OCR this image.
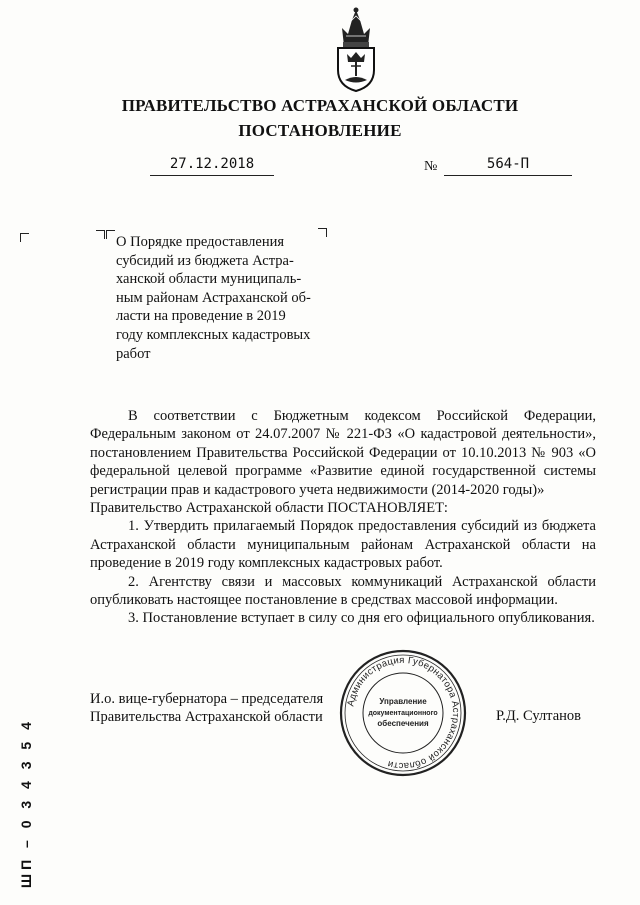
ПРАВИТЕЛЬСТВО АСТРАХАНСКОЙ ОБЛАСТИ
ПОСТАНОВЛЕНИЕ
27.12.2018	№	564-П
О Порядке предоставления
субсидий из бюджета Астра-
ханской области муниципаль-
ным районам Астраханской об-
ласти на проведение в 2019
году комплексных кадастровых
работ

В соответствии с Бюджетным кодексом Российской Федерации, Федеральным законом от 24.07.2007 № 221-ФЗ «О кадастровой деятельности», постановлением Правительства Российской Федерации от 10.10.2013 № 903 «О федеральной целевой программе «Развитие единой государственной системы регистрации прав и кадастрового учета недвижимости (2014-2020 годы)»

Правительство Астраханской области ПОСТАНОВЛЯЕТ:

1. Утвердить прилагаемый Порядок предоставления субсидий из бюджета Астраханской области муниципальным районам Астраханской области на проведение в 2019 году комплексных кадастровых работ.

2. Агентству связи и массовых коммуникаций Астраханской области опубликовать настоящее постановление в средствах массовой информации.

3. Постановление вступает в силу со дня его официального опубликования.

Администрация Губернатора Астраханской области
Управление
документационного
обеспечения
И.о. вице-губернатора – председателя
Правительства Астраханской области	Р.Д. Султанов
ШП – 0 3 4 3 5 4
